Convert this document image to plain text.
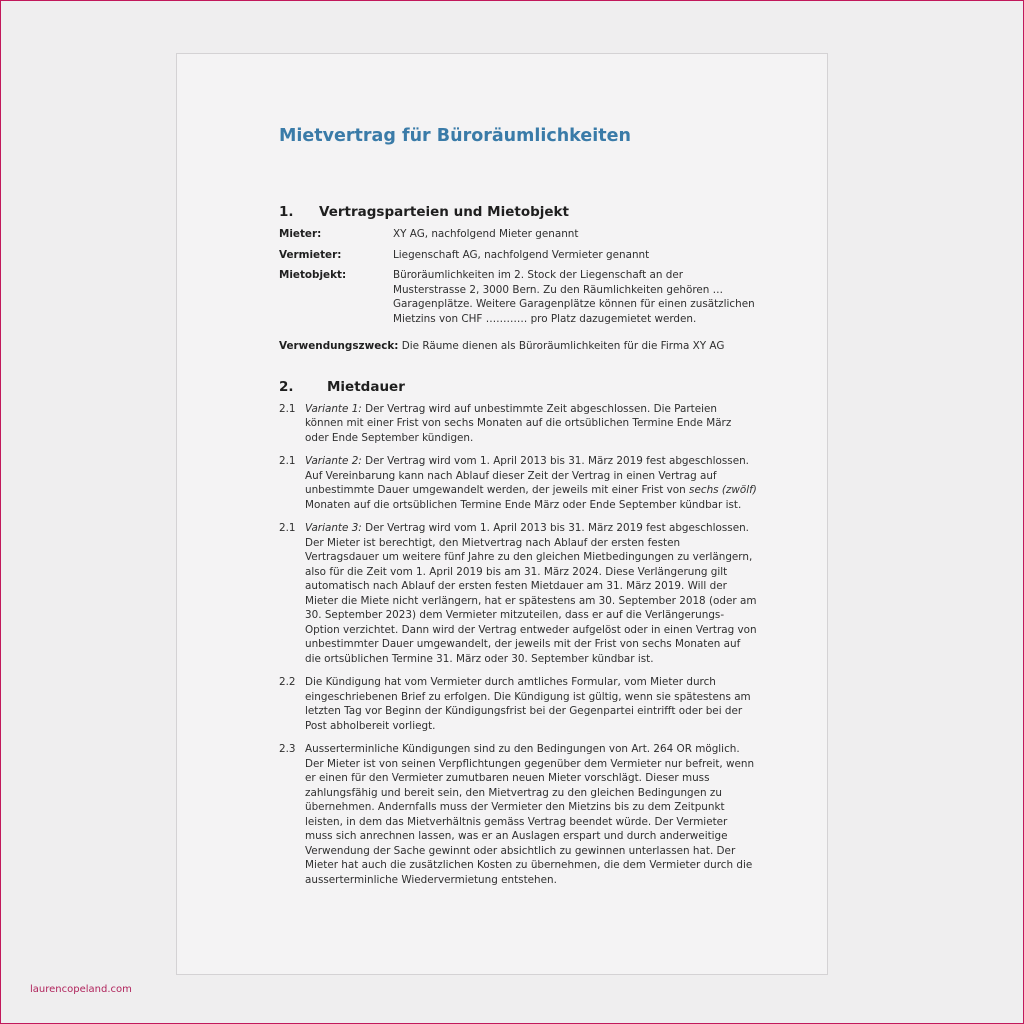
Mietvertrag für Büroräumlichkeiten
1.	Vertragsparteien und Mietobjekt
Mieter:	XY AG, nachfolgend Mieter genannt
Vermieter:	Liegenschaft AG, nachfolgend Vermieter genannt
Mietobjekt:	Büroräumlichkeiten im 2. Stock der Liegenschaft an der Musterstrasse 2, 3000 Bern. Zu den Räumlichkeiten gehören … Garagenplätze. Weitere Garagenplätze können für einen zusätzlichen Mietzins von CHF ………… pro Platz dazugemietet werden.
Verwendungszweck: Die Räume dienen als Büroräumlichkeiten für die Firma XY AG
2.	Mietdauer
2.1 Variante 1: Der Vertrag wird auf unbestimmte Zeit abgeschlossen. Die Parteien können mit einer Frist von sechs Monaten auf die ortsüblichen Termine Ende März oder Ende September kündigen.
2.1 Variante 2: Der Vertrag wird vom 1. April 2013 bis 31. März 2019 fest abgeschlossen. Auf Vereinbarung kann nach Ablauf dieser Zeit der Vertrag in einen Vertrag auf unbestimmte Dauer umgewandelt werden, der jeweils mit einer Frist von sechs (zwölf) Monaten auf die ortsüblichen Termine Ende März oder Ende September kündbar ist.
2.1 Variante 3: Der Vertrag wird vom 1. April 2013 bis 31. März 2019 fest abgeschlossen. Der Mieter ist berechtigt, den Mietvertrag nach Ablauf der ersten festen Vertragsdauer um weitere fünf Jahre zu den gleichen Mietbedingungen zu verlängern, also für die Zeit vom 1. April 2019 bis am 31. März 2024. Diese Verlängerung gilt automatisch nach Ablauf der ersten festen Mietdauer am 31. März 2019. Will der Mieter die Miete nicht verlängern, hat er spätestens am 30. September 2018 (oder am 30. September 2023) dem Vermieter mitzuteilen, dass er auf die Verlängerungs-Option verzichtet. Dann wird der Vertrag entweder aufgelöst oder in einen Vertrag von unbestimmter Dauer umgewandelt, der jeweils mit der Frist von sechs Monaten auf die ortsüblichen Termine 31. März oder 30. September kündbar ist.
2.2 Die Kündigung hat vom Vermieter durch amtliches Formular, vom Mieter durch eingeschriebenen Brief zu erfolgen. Die Kündigung ist gültig, wenn sie spätestens am letzten Tag vor Beginn der Kündigungsfrist bei der Gegenpartei eintrifft oder bei der Post abholbereit vorliegt.
2.3 Ausserterminliche Kündigungen sind zu den Bedingungen von Art. 264 OR möglich. Der Mieter ist von seinen Verpflichtungen gegenüber dem Vermieter nur befreit, wenn er einen für den Vermieter zumutbaren neuen Mieter vorschlägt. Dieser muss zahlungsfähig und bereit sein, den Mietvertrag zu den gleichen Bedingungen zu übernehmen. Andernfalls muss der Vermieter den Mietzins bis zu dem Zeitpunkt leisten, in dem das Mietverhältnis gemäss Vertrag beendet würde. Der Vermieter muss sich anrechnen lassen, was er an Auslagen erspart und durch anderweitige Verwendung der Sache gewinnt oder absichtlich zu gewinnen unterlassen hat. Der Mieter hat auch die zusätzlichen Kosten zu übernehmen, die dem Vermieter durch die ausserterminliche Wiedervermietung entstehen.
laurencopeland.com
